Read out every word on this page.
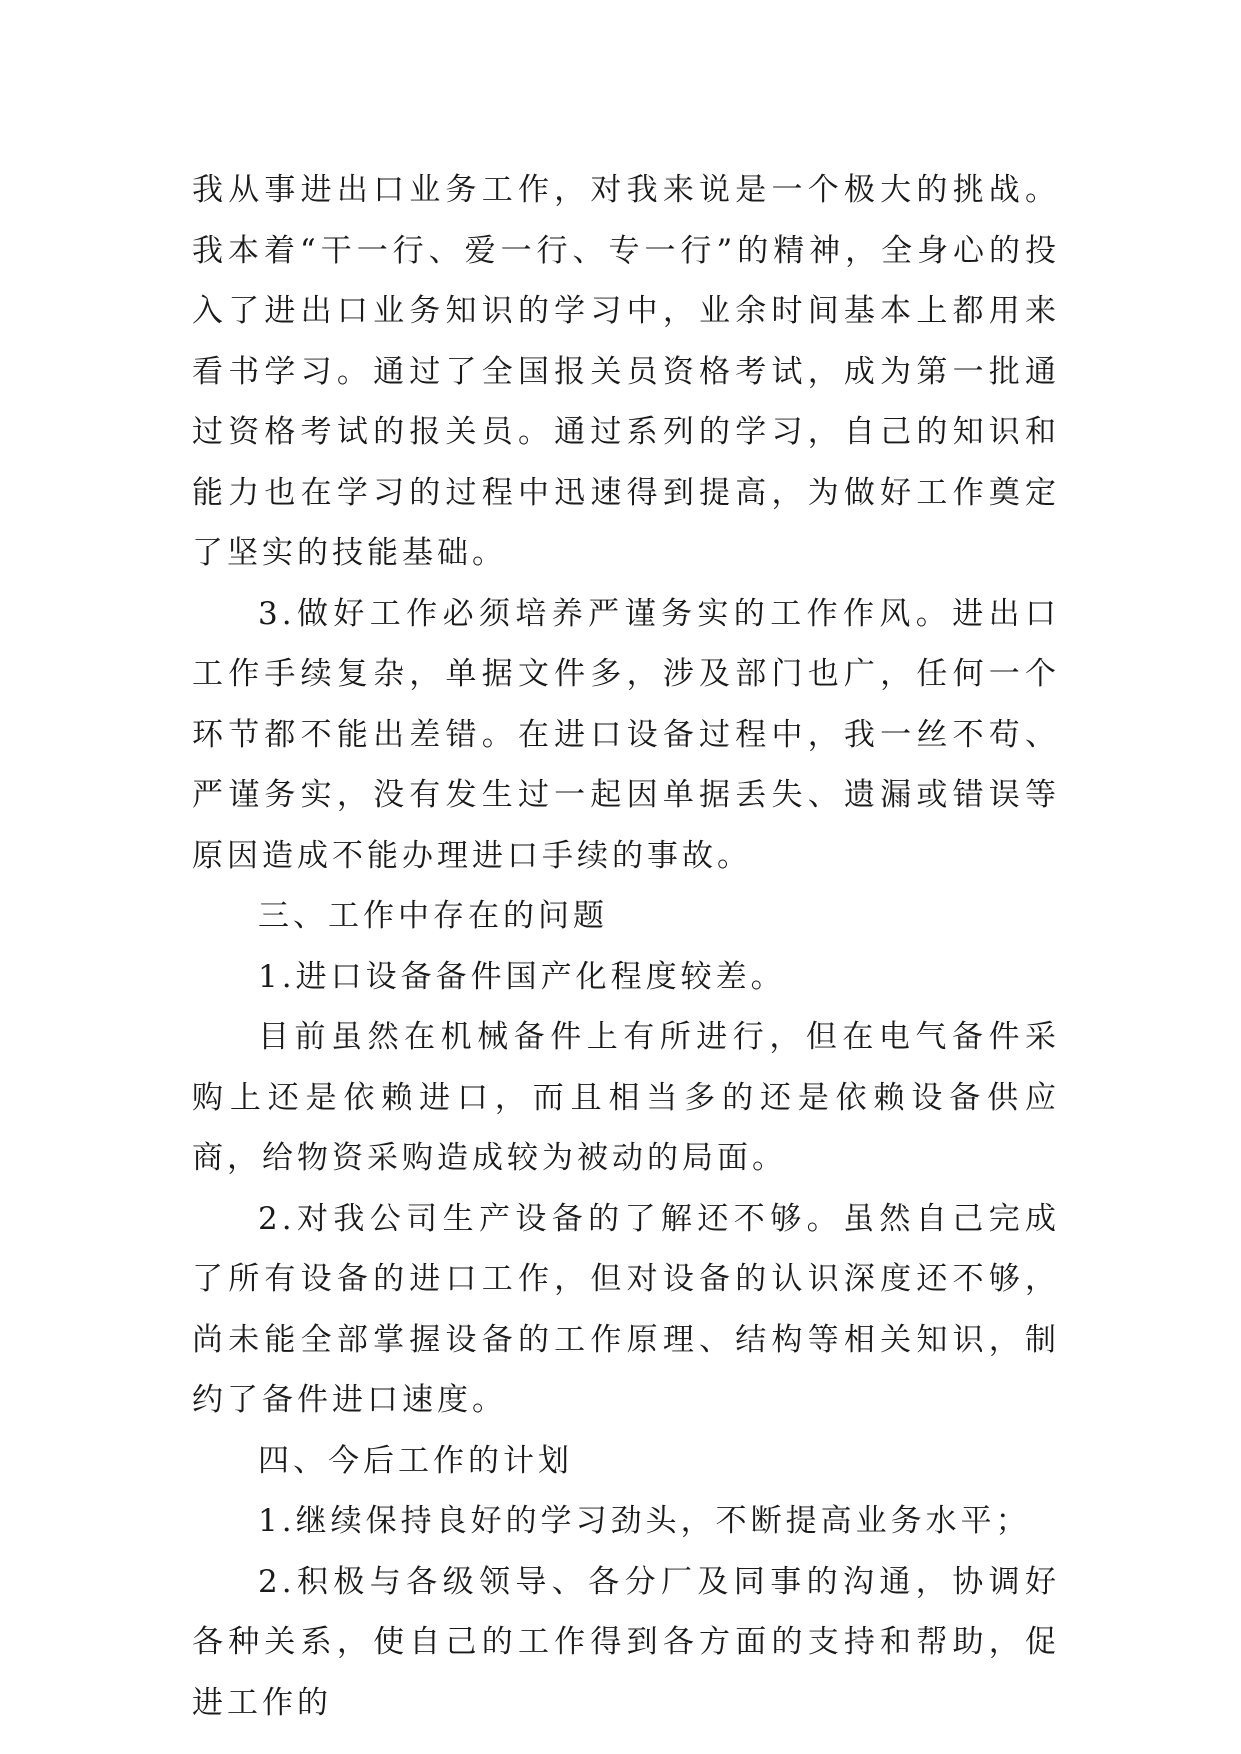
我从事进出口业务工作，对我来说是一个极大的挑战。我本着“干一行、爱一行、专一行”的精神，全身心的投入了进出口业务知识的学习中，业余时间基本上都用来看书学习。通过了全国报关员资格考试，成为第一批通过资格考试的报关员。通过系列的学习，自己的知识和能力也在学习的过程中迅速得到提高，为做好工作奠定了坚实的技能基础。

3.做好工作必须培养严谨务实的工作作风。进出口工作手续复杂，单据文件多，涉及部门也广，任何一个环节都不能出差错。在进口设备过程中，我一丝不苟、严谨务实，没有发生过一起因单据丢失、遗漏或错误等原因造成不能办理进口手续的事故。

三、工作中存在的问题

1.进口设备备件国产化程度较差。

目前虽然在机械备件上有所进行，但在电气备件采购上还是依赖进口，而且相当多的还是依赖设备供应商，给物资采购造成较为被动的局面。

2.对我公司生产设备的了解还不够。虽然自己完成了所有设备的进口工作，但对设备的认识深度还不够，尚未能全部掌握设备的工作原理、结构等相关知识，制约了备件进口速度。

四、今后工作的计划

1.继续保持良好的学习劲头，不断提高业务水平；

2.积极与各级领导、各分厂及同事的沟通，协调好各种关系，使自己的工作得到各方面的支持和帮助，促进工作的
